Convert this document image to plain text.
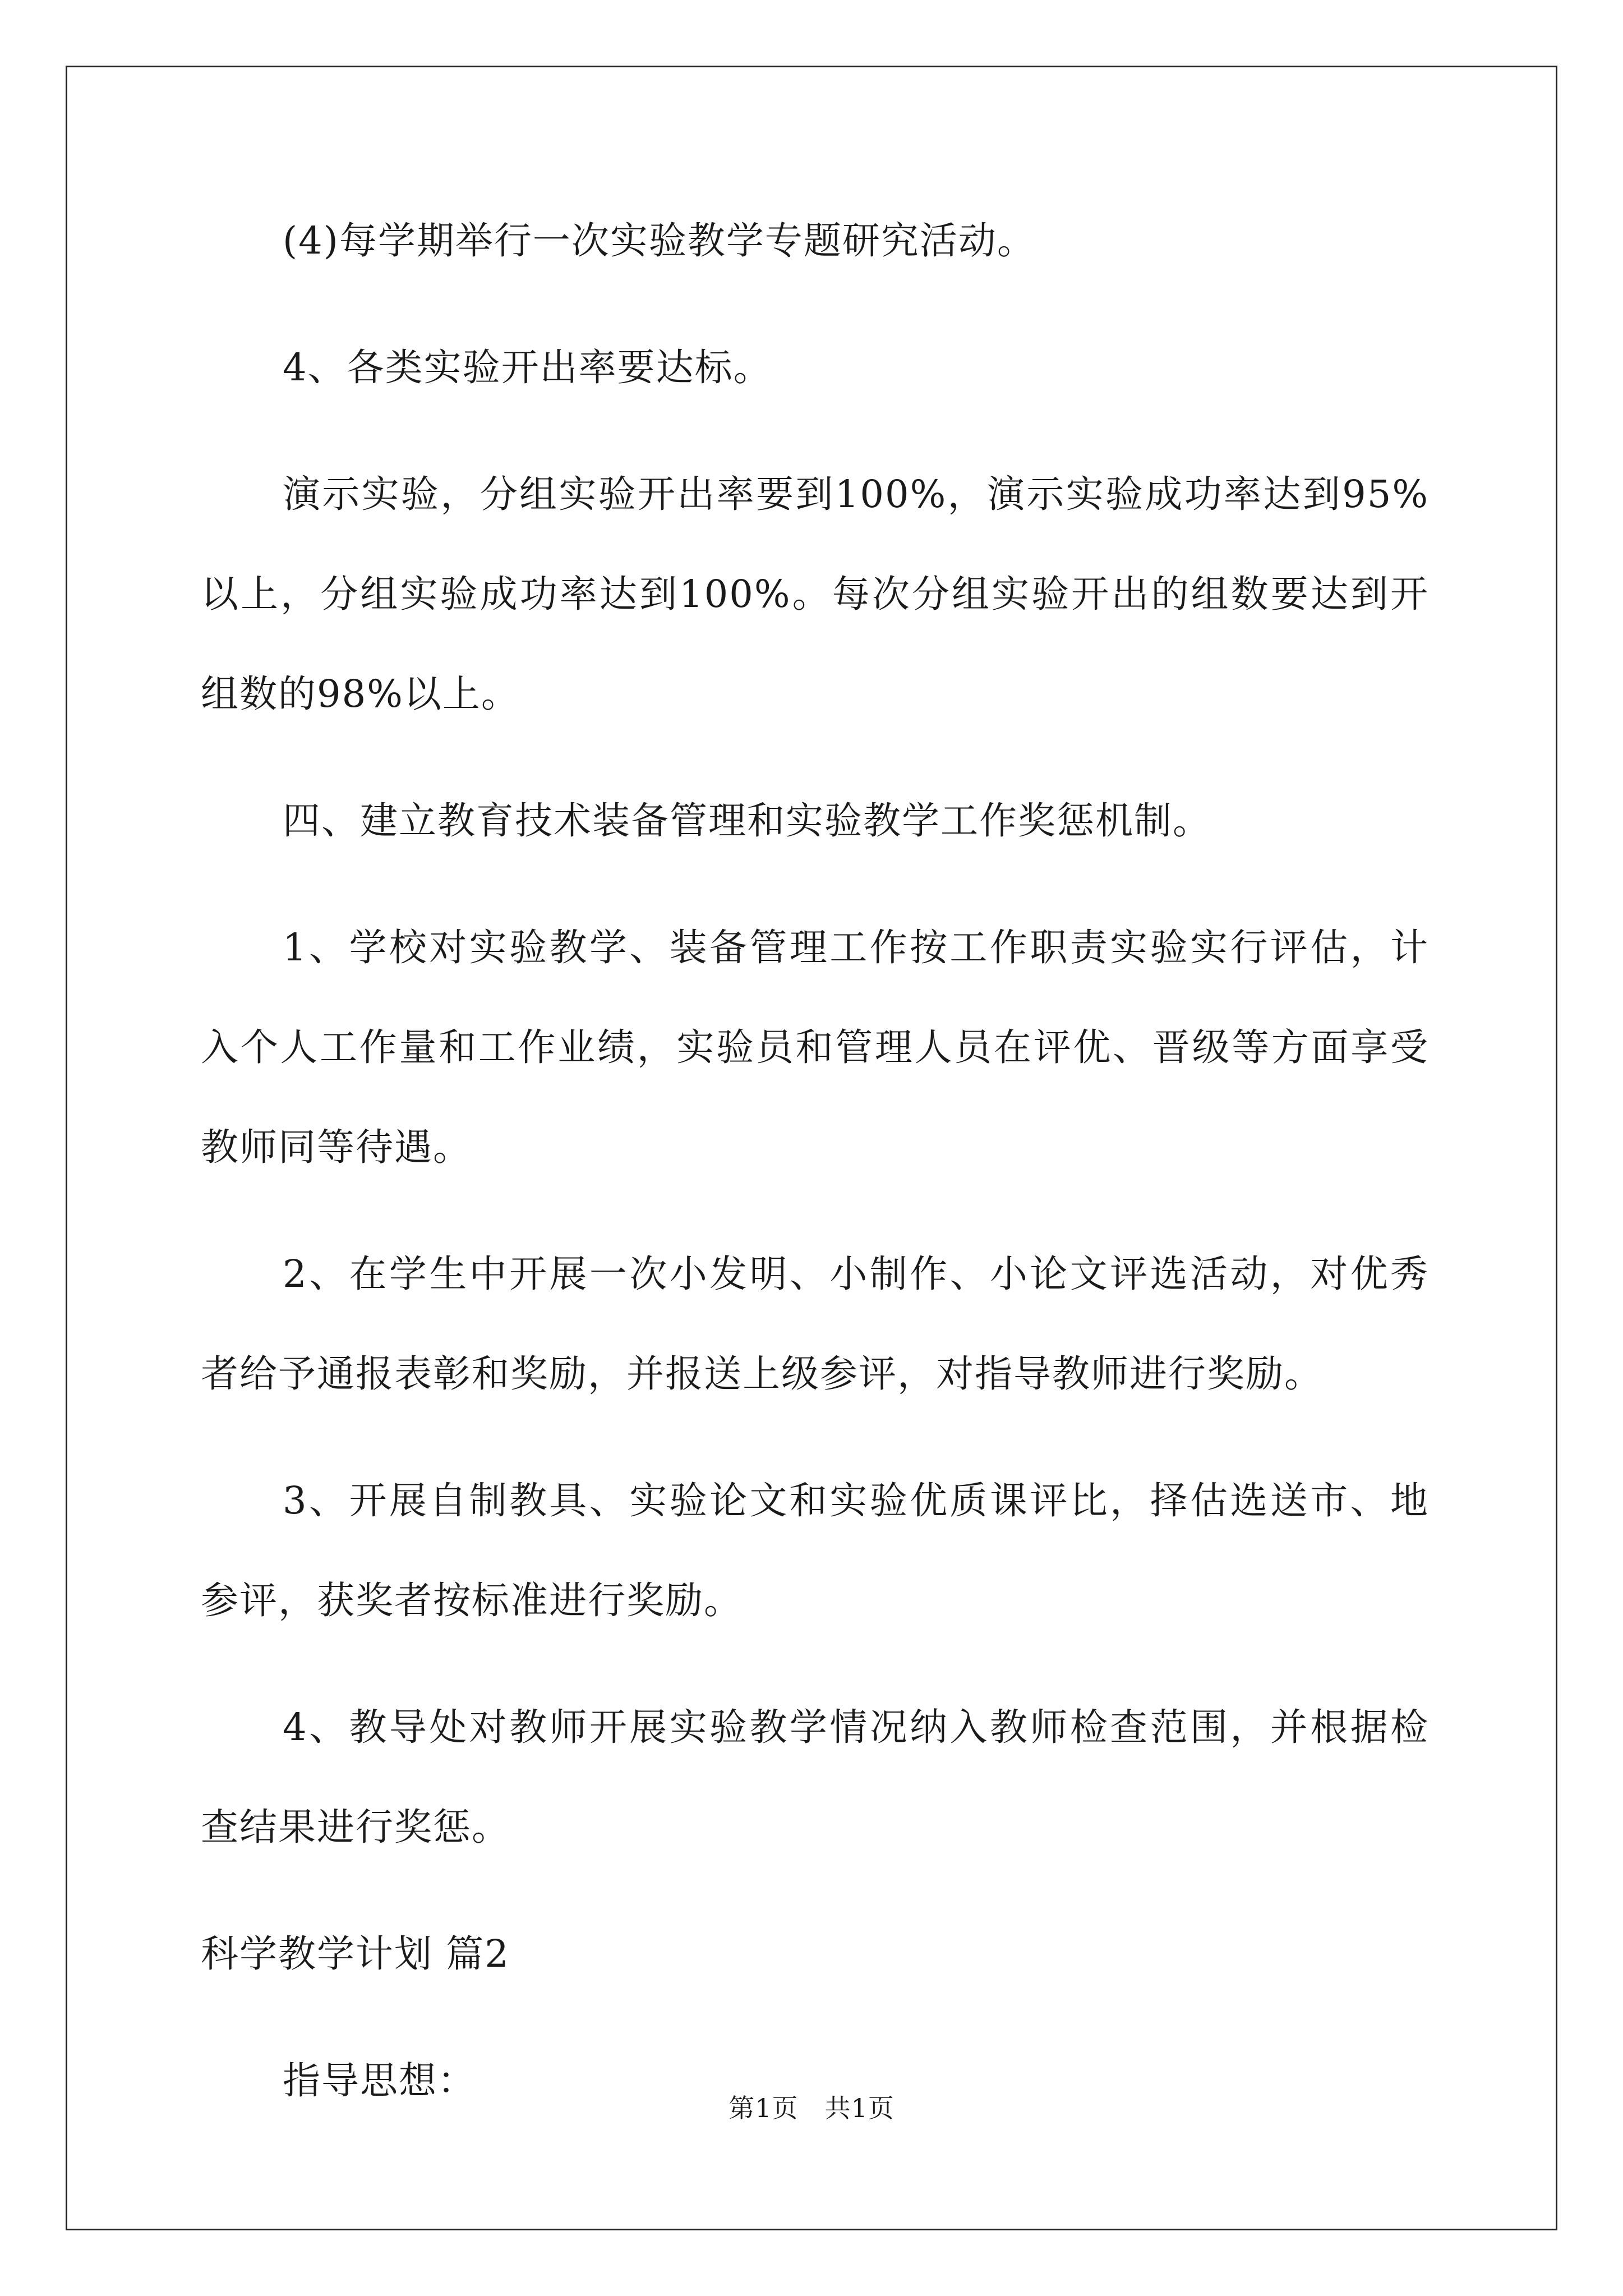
(4)每学期举行一次实验教学专题研究活动。

4、各类实验开出率要达标。

演示实验，分组实验开出率要到100%，演示实验成功率达到95%以上，分组实验成功率达到100%。每次分组实验开出的组数要达到开组数的98%以上。

四、建立教育技术装备管理和实验教学工作奖惩机制。

1、学校对实验教学、装备管理工作按工作职责实验实行评估，计入个人工作量和工作业绩，实验员和管理人员在评优、晋级等方面享受教师同等待遇。

2、在学生中开展一次小发明、小制作、小论文评选活动，对优秀者给予通报表彰和奖励，并报送上级参评，对指导教师进行奖励。

3、开展自制教具、实验论文和实验优质课评比，择估选送市、地参评，获奖者按标准进行奖励。

4、教导处对教师开展实验教学情况纳入教师检查范围，并根据检查结果进行奖惩。

科学教学计划 篇2

指导思想：

第1页　共1页
